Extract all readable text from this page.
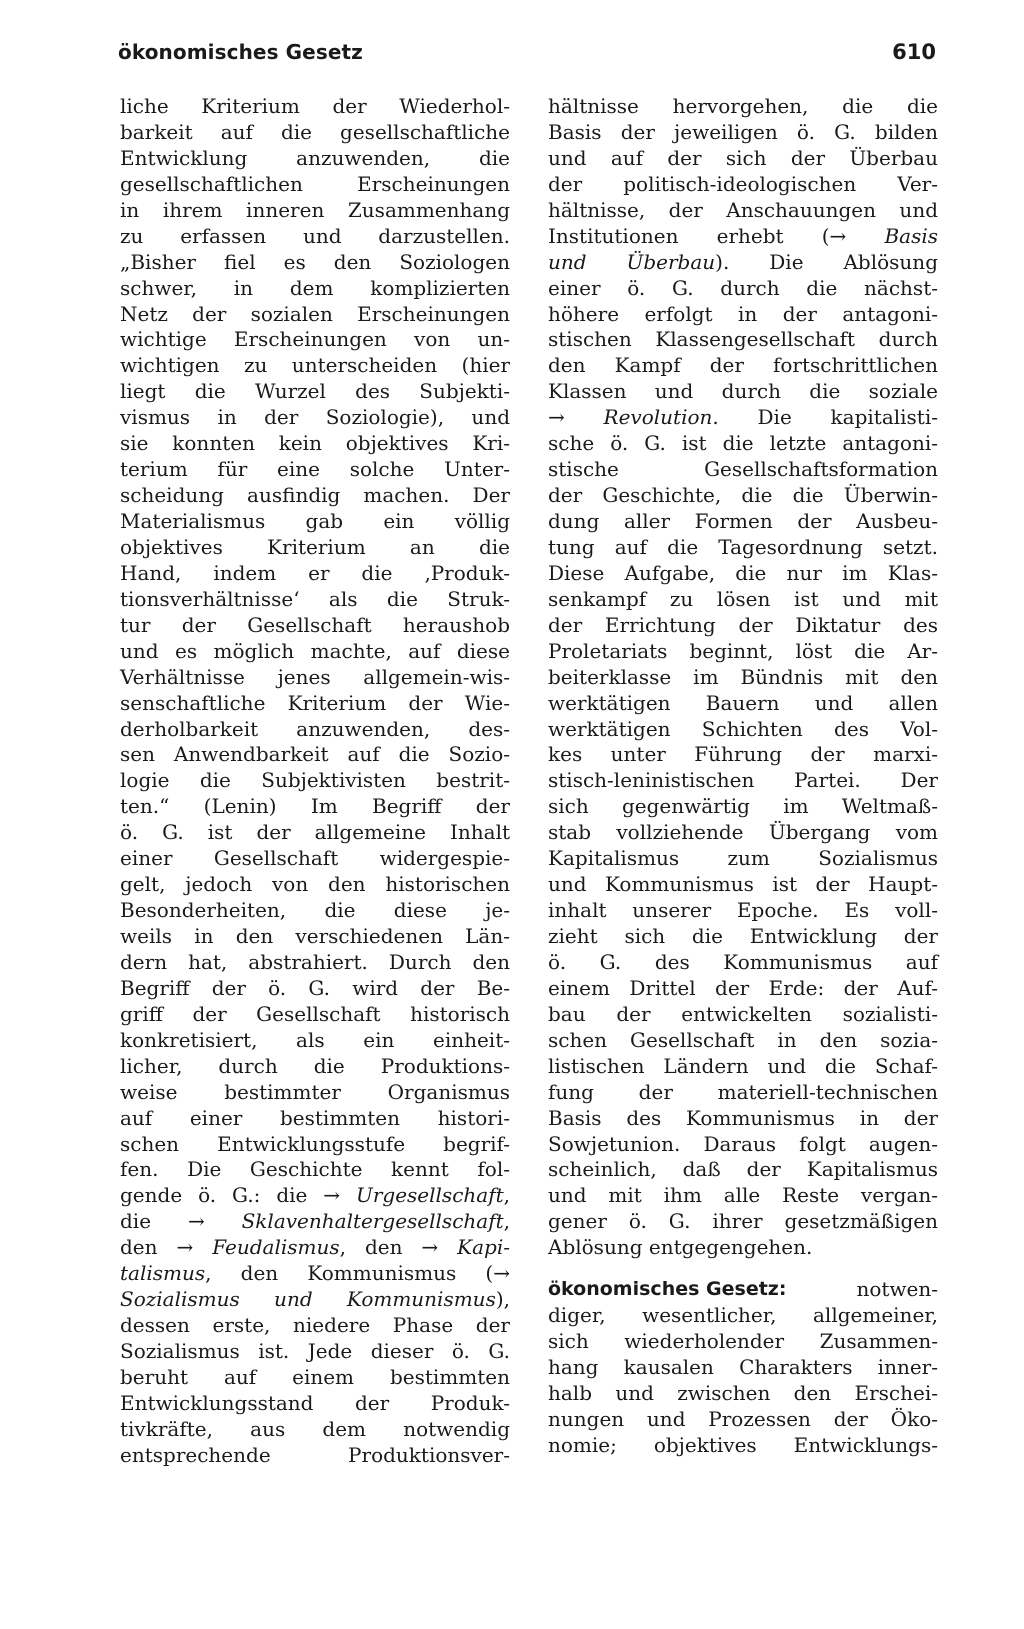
ökonomisches Gesetz	610
liche Kriterium der Wiederhol-
barkeit auf die gesellschaftliche
Entwicklung anzuwenden, die
gesellschaftlichen Erscheinungen
in ihrem inneren Zusammenhang
zu erfassen und darzustellen.
„Bisher fiel es den Soziologen
schwer, in dem komplizierten
Netz der sozialen Erscheinungen
wichtige Erscheinungen von un-
wichtigen zu unterscheiden (hier
liegt die Wurzel des Subjekti-
vismus in der Soziologie), und
sie konnten kein objektives Kri-
terium für eine solche Unter-
scheidung ausfindig machen. Der
Materialismus gab ein völlig
objektives Kriterium an die
Hand, indem er die ‚Produk-
tionsverhältnisse‘ als die Struk-
tur der Gesellschaft heraushob
und es möglich machte, auf diese
Verhältnisse jenes allgemein-wis-
senschaftliche Kriterium der Wie-
derholbarkeit anzuwenden, des-
sen Anwendbarkeit auf die Sozio-
logie die Subjektivisten bestrit-
ten.“ (Lenin) Im Begriff der
ö. G. ist der allgemeine Inhalt
einer Gesellschaft widergespie-
gelt, jedoch von den historischen
Besonderheiten, die diese je-
weils in den verschiedenen Län-
dern hat, abstrahiert. Durch den
Begriff der ö. G. wird der Be-
griff der Gesellschaft historisch
konkretisiert, als ein einheit-
licher, durch die Produktions-
weise bestimmter Organismus
auf einer bestimmten histori-
schen Entwicklungsstufe begrif-
fen. Die Geschichte kennt fol-
gende ö. G.: die → Urgesellschaft,
die → Sklavenhaltergesellschaft,
den → Feudalismus, den → Kapi-
talismus, den Kommunismus (→
Sozialismus und Kommunismus),
dessen erste, niedere Phase der
Sozialismus ist. Jede dieser ö. G.
beruht auf einem bestimmten
Entwicklungsstand der Produk-
tivkräfte, aus dem notwendig
entsprechende Produktionsver-
hältnisse hervorgehen, die die
Basis der jeweiligen ö. G. bilden
und auf der sich der Überbau
der politisch-ideologischen Ver-
hältnisse, der Anschauungen und
Institutionen erhebt (→ Basis
und Überbau). Die Ablösung
einer ö. G. durch die nächst-
höhere erfolgt in der antagoni-
stischen Klassengesellschaft durch
den Kampf der fortschrittlichen
Klassen und durch die soziale
→ Revolution. Die kapitalisti-
sche ö. G. ist die letzte antagoni-
stische Gesellschaftsformation
der Geschichte, die die Überwin-
dung aller Formen der Ausbeu-
tung auf die Tagesordnung setzt.
Diese Aufgabe, die nur im Klas-
senkampf zu lösen ist und mit
der Errichtung der Diktatur des
Proletariats beginnt, löst die Ar-
beiterklasse im Bündnis mit den
werktätigen Bauern und allen
werktätigen Schichten des Vol-
kes unter Führung der marxi-
stisch-leninistischen Partei. Der
sich gegenwärtig im Weltmaß-
stab vollziehende Übergang vom
Kapitalismus zum Sozialismus
und Kommunismus ist der Haupt-
inhalt unserer Epoche. Es voll-
zieht sich die Entwicklung der
ö. G. des Kommunismus auf
einem Drittel der Erde: der Auf-
bau der entwickelten sozialisti-
schen Gesellschaft in den sozia-
listischen Ländern und die Schaf-
fung der materiell-technischen
Basis des Kommunismus in der
Sowjetunion. Daraus folgt augen-
scheinlich, daß der Kapitalismus
und mit ihm alle Reste vergan-
gener ö. G. ihrer gesetzmäßigen
Ablösung entgegengehen.
ökonomisches Gesetz:	notwen-
diger, wesentlicher, allgemeiner,
sich wiederholender Zusammen-
hang kausalen Charakters inner-
halb und zwischen den Erschei-
nungen und Prozessen der Öko-
nomie; objektives Entwicklungs-
